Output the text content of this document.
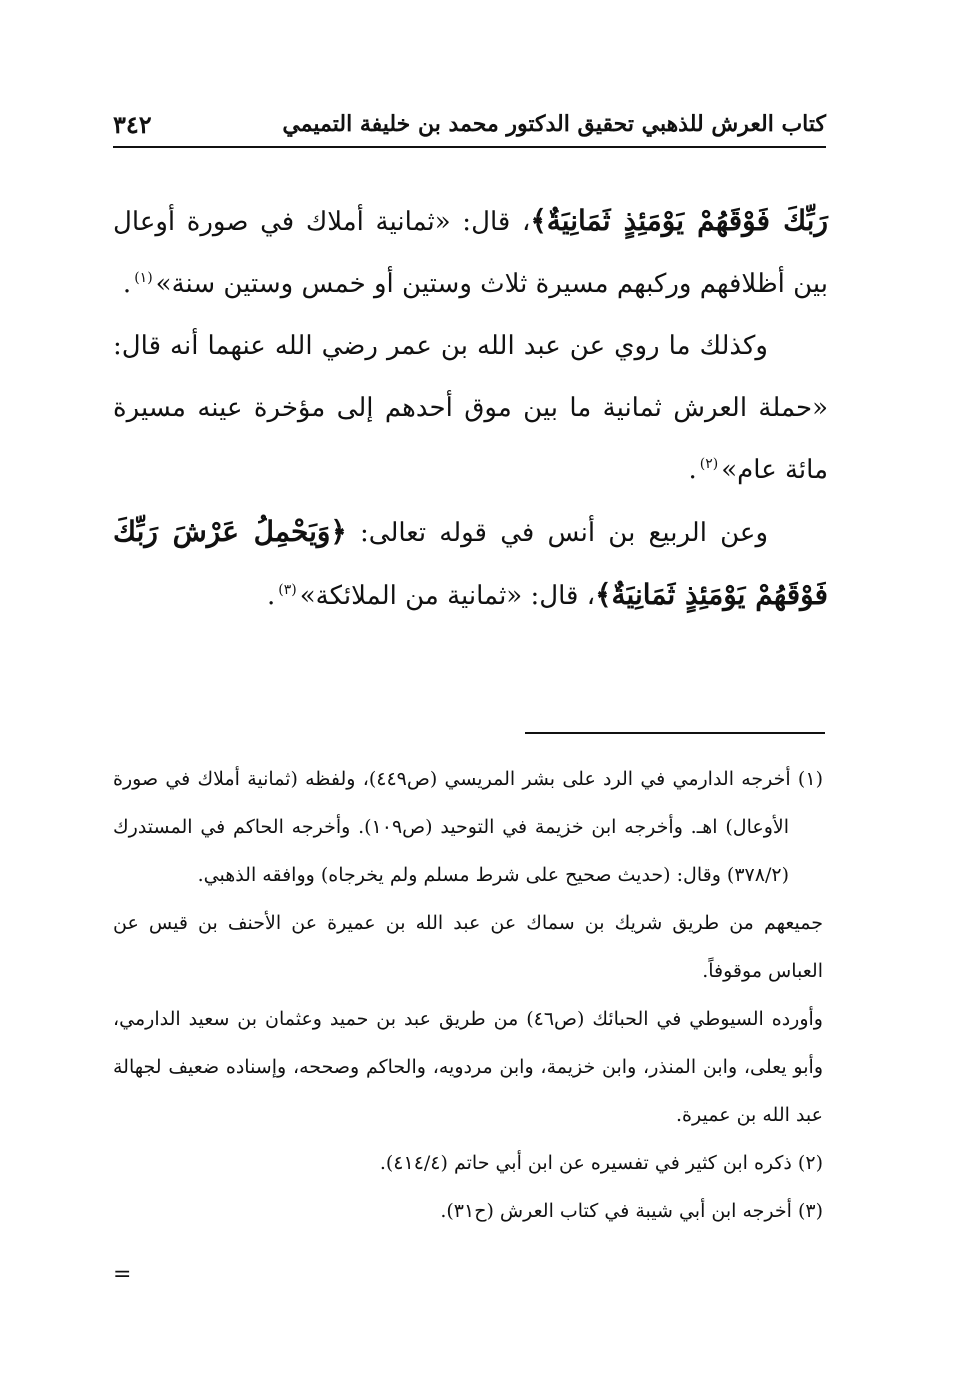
كتاب العرش للذهبي تحقيق الدكتور محمد بن خليفة التميمي
٣٤٢

رَبِّكَ فَوْقَهُمْ يَوْمَئِذٍ ثَمَانِيَةٌ﴾، قال: «ثمانية أملاك في صورة أوعال بين أظلافهم وركبهم مسيرة ثلاث وستين أو خمس وستين سنة»$^{(١)}$.

وكذلك ما روي عن عبد الله بن عمر رضي الله عنهما أنه قال: «حملة العرش ثمانية ما بين موق أحدهم إلى مؤخرة عينه مسيرة مائة عام»$^{(٢)}$.

وعن الربيع بن أنس في قوله تعالى: ﴿وَيَحْمِلُ عَرْشَ رَبِّكَ فَوْقَهُمْ يَوْمَئِذٍ ثَمَانِيَةٌ﴾، قال: «ثمانية من الملائكة»$^{(٣)}$.

(١) أخرجه الدارمي في الرد على بشر المريسي (ص٤٤٩)، ولفظه (ثمانية أملاك في صورة الأوعال) اهـ. وأخرجه ابن خزيمة في التوحيد (ص١٠٩). وأخرجه الحاكم في المستدرك (٣٧٨/٢) وقال: (حديث صحيح على شرط مسلم ولم يخرجاه) ووافقه الذهبي.

جميعهم من طريق شريك بن سماك عن عبد الله بن عميرة عن الأحنف بن قيس عن العباس موقوفاً.

وأورده السيوطي في الحبائك (ص٤٦) من طريق عبد بن حميد وعثمان بن سعيد الدارمي، وأبو يعلى، وابن المنذر، وابن خزيمة، وابن مردويه، والحاكم وصححه، وإسناده ضعيف لجهالة عبد الله بن عميرة.

(٢) ذكره ابن كثير في تفسيره عن ابن أبي حاتم (٤١٤/٤).

(٣) أخرجه ابن أبي شيبة في كتاب العرش (ح٣١).

=
